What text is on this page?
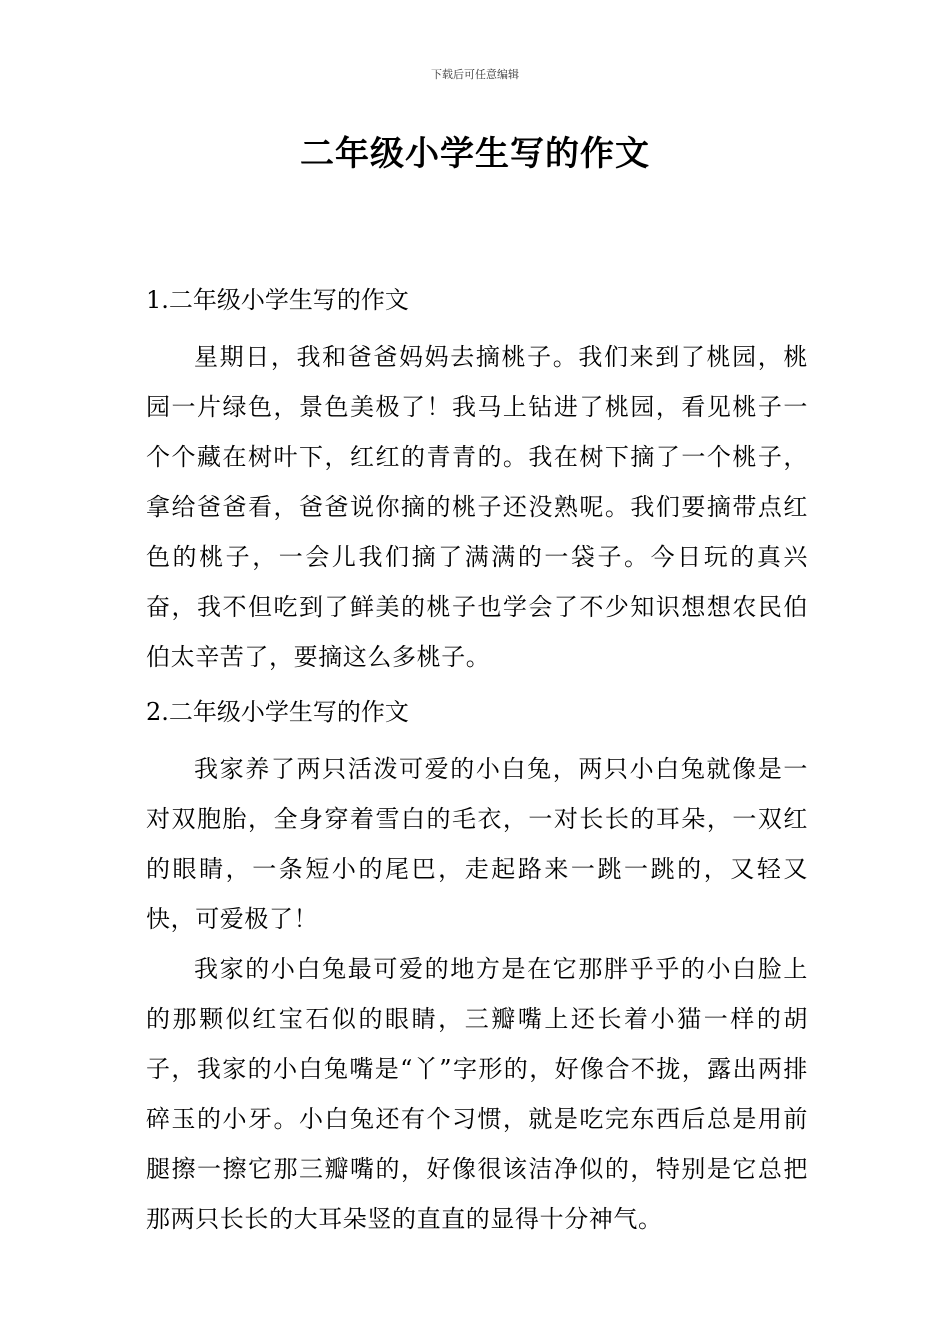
下载后可任意编辑
二年级小学生写的作文
1.二年级小学生写的作文

星期日，我和爸爸妈妈去摘桃子。我们来到了桃园，桃园一片绿色，景色美极了！我马上钻进了桃园，看见桃子一个个藏在树叶下，红红的青青的。我在树下摘了一个桃子，拿给爸爸看，爸爸说你摘的桃子还没熟呢。我们要摘带点红色的桃子，一会儿我们摘了满满的一袋子。今日玩的真兴奋，我不但吃到了鲜美的桃子也学会了不少知识想想农民伯伯太辛苦了，要摘这么多桃子。

2.二年级小学生写的作文

我家养了两只活泼可爱的小白兔，两只小白兔就像是一对双胞胎，全身穿着雪白的毛衣，一对长长的耳朵，一双红的眼睛，一条短小的尾巴，走起路来一跳一跳的，又轻又快，可爱极了！

我家的小白兔最可爱的地方是在它那胖乎乎的小白脸上的那颗似红宝石似的眼睛，三瓣嘴上还长着小猫一样的胡子，我家的小白兔嘴是“丫”字形的，好像合不拢，露出两排碎玉的小牙。小白兔还有个习惯，就是吃完东西后总是用前腿擦一擦它那三瓣嘴的，好像很该洁净似的，特别是它总把那两只长长的大耳朵竖的直直的显得十分神气。
